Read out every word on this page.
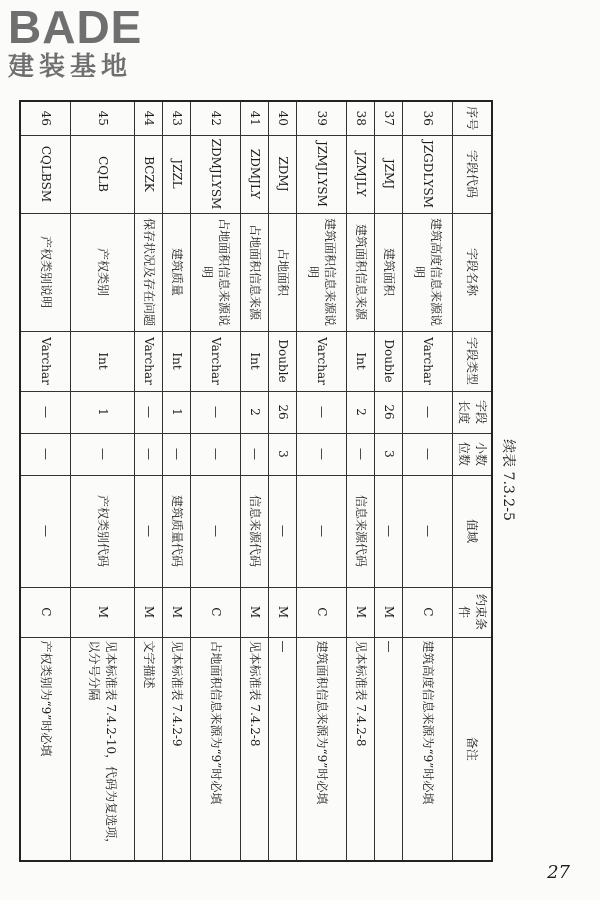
BADE
建装基地
续表 7.3.2-5
序号	字段代码	字段名称	字段类型	字段长度	小数位数	值域	约束条件	备注
36	JZGDLYSM	建筑高度信息来源说明	Varchar	—	—	—	C	建筑高度信息来源为“9”时必填
37	JZMJ	建筑面积	Double	26	3	—	M	—
38	JZMJLY	建筑面积信息来源	Int	2	—	信息来源代码	M	见本标准表 7.4.2-8
39	JZMJLYSM	建筑面积信息来源说明	Varchar	—	—	—	C	建筑面积信息来源为“9”时必填
40	ZDMJ	占地面积	Double	26	3	—	M	—
41	ZDMJLY	占地面积信息来源	Int	2	—	信息来源代码	M	见本标准表 7.4.2-8
42	ZDMJLYSM	占地面积信息来源说明	Varchar	—	—	—	C	占地面积信息来源为“9”时必填
43	JZZL	建筑质量	Int	1	—	建筑质量代码	M	见本标准表 7.4.2-9
44	BCZK	保存状况及存在问题	Varchar	—	—	—	M	文字描述
45	CQLB	产权类别	Int	1	—	产权类别代码	M	见本标准表 7.4.2-10，代码为复选项，以分号分隔
46	CQLBSM	产权类别说明	Varchar	—	—	—	C	产权类别为“9”时必填
27
